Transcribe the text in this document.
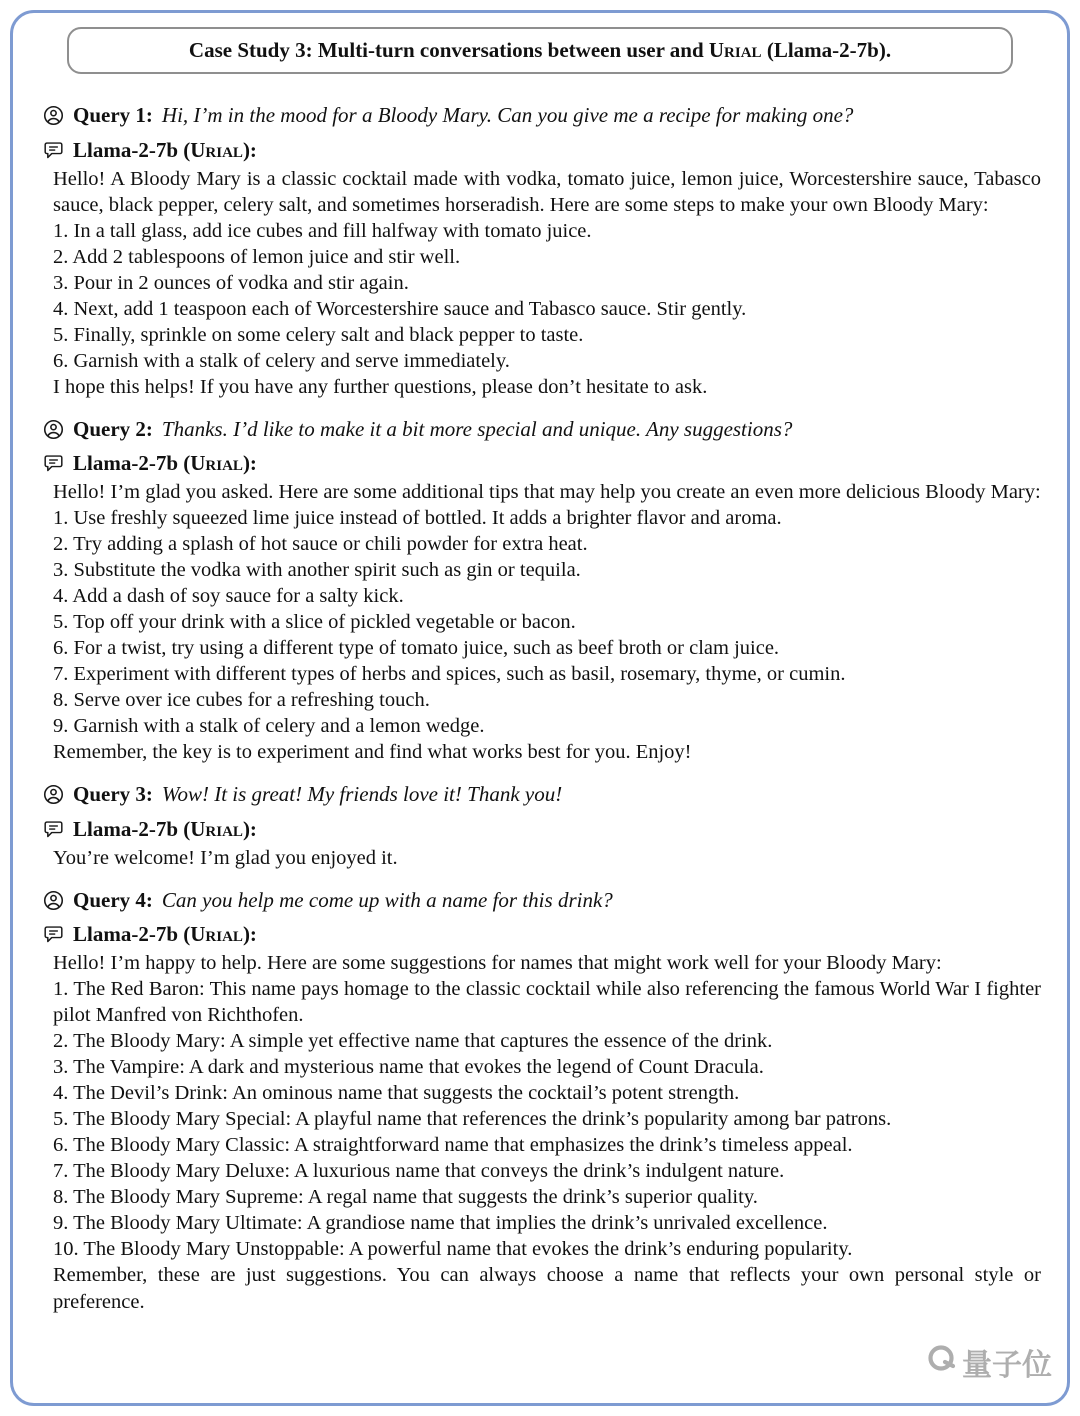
Case Study 3: Multi-turn conversations between user and Urial (Llama-2-7b).
Query 1: Hi, I’m in the mood for a Bloody Mary. Can you give me a recipe for making one?
Llama-2-7b (Urial):

Hello! A Bloody Mary is a classic cocktail made with vodka, tomato juice, lemon juice, Worcestershire sauce, Tabasco sauce, black pepper, celery salt, and sometimes horseradish. Here are some steps to make your own Bloody Mary:

1. In a tall glass, add ice cubes and fill halfway with tomato juice.

2. Add 2 tablespoons of lemon juice and stir well.

3. Pour in 2 ounces of vodka and stir again.

4. Next, add 1 teaspoon each of Worcestershire sauce and Tabasco sauce. Stir gently.

5. Finally, sprinkle on some celery salt and black pepper to taste.

6. Garnish with a stalk of celery and serve immediately.

I hope this helps! If you have any further questions, please don’t hesitate to ask.

Query 2: Thanks. I’d like to make it a bit more special and unique. Any suggestions?
Llama-2-7b (Urial):

Hello! I’m glad you asked. Here are some additional tips that may help you create an even more delicious Bloody Mary:

1. Use freshly squeezed lime juice instead of bottled. It adds a brighter flavor and aroma.

2. Try adding a splash of hot sauce or chili powder for extra heat.

3. Substitute the vodka with another spirit such as gin or tequila.

4. Add a dash of soy sauce for a salty kick.

5. Top off your drink with a slice of pickled vegetable or bacon.

6. For a twist, try using a different type of tomato juice, such as beef broth or clam juice.

7. Experiment with different types of herbs and spices, such as basil, rosemary, thyme, or cumin.

8. Serve over ice cubes for a refreshing touch.

9. Garnish with a stalk of celery and a lemon wedge.

Remember, the key is to experiment and find what works best for you. Enjoy!

Query 3: Wow! It is great! My friends love it! Thank you!
Llama-2-7b (Urial):

You’re welcome! I’m glad you enjoyed it.

Query 4: Can you help me come up with a name for this drink?
Llama-2-7b (Urial):

Hello! I’m happy to help. Here are some suggestions for names that might work well for your Bloody Mary:

1. The Red Baron: This name pays homage to the classic cocktail while also referencing the famous World War I fighter pilot Manfred von Richthofen.

2. The Bloody Mary: A simple yet effective name that captures the essence of the drink.

3. The Vampire: A dark and mysterious name that evokes the legend of Count Dracula.

4. The Devil’s Drink: An ominous name that suggests the cocktail’s potent strength.

5. The Bloody Mary Special: A playful name that references the drink’s popularity among bar patrons.

6. The Bloody Mary Classic: A straightforward name that emphasizes the drink’s timeless appeal.

7. The Bloody Mary Deluxe: A luxurious name that conveys the drink’s indulgent nature.

8. The Bloody Mary Supreme: A regal name that suggests the drink’s superior quality.

9. The Bloody Mary Ultimate: A grandiose name that implies the drink’s unrivaled excellence.

10. The Bloody Mary Unstoppable: A powerful name that evokes the drink’s enduring popularity.

Remember, these are just suggestions. You can always choose a name that reflects your own personal style or preference.

量子位
